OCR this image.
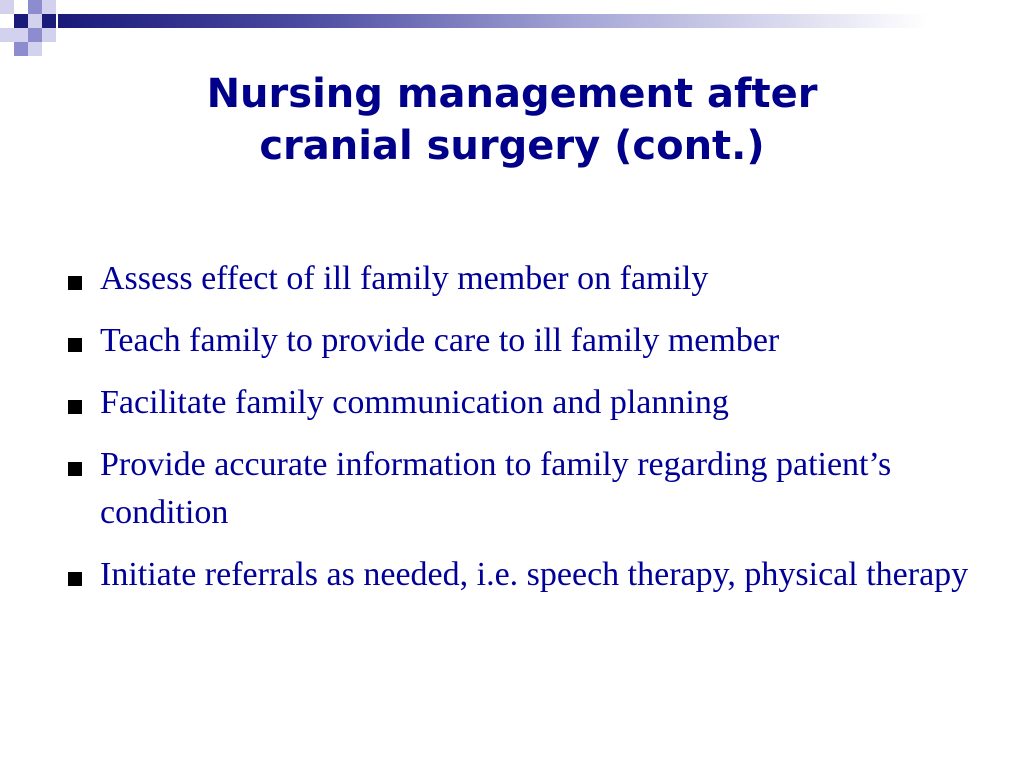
Nursing management after
cranial surgery (cont.)
Assess effect of ill family member on family
Teach family to provide care to ill family member
Facilitate family communication and planning
Provide accurate information to family regarding patient’s condition
Initiate referrals as needed, i.e. speech therapy, physical therapy
